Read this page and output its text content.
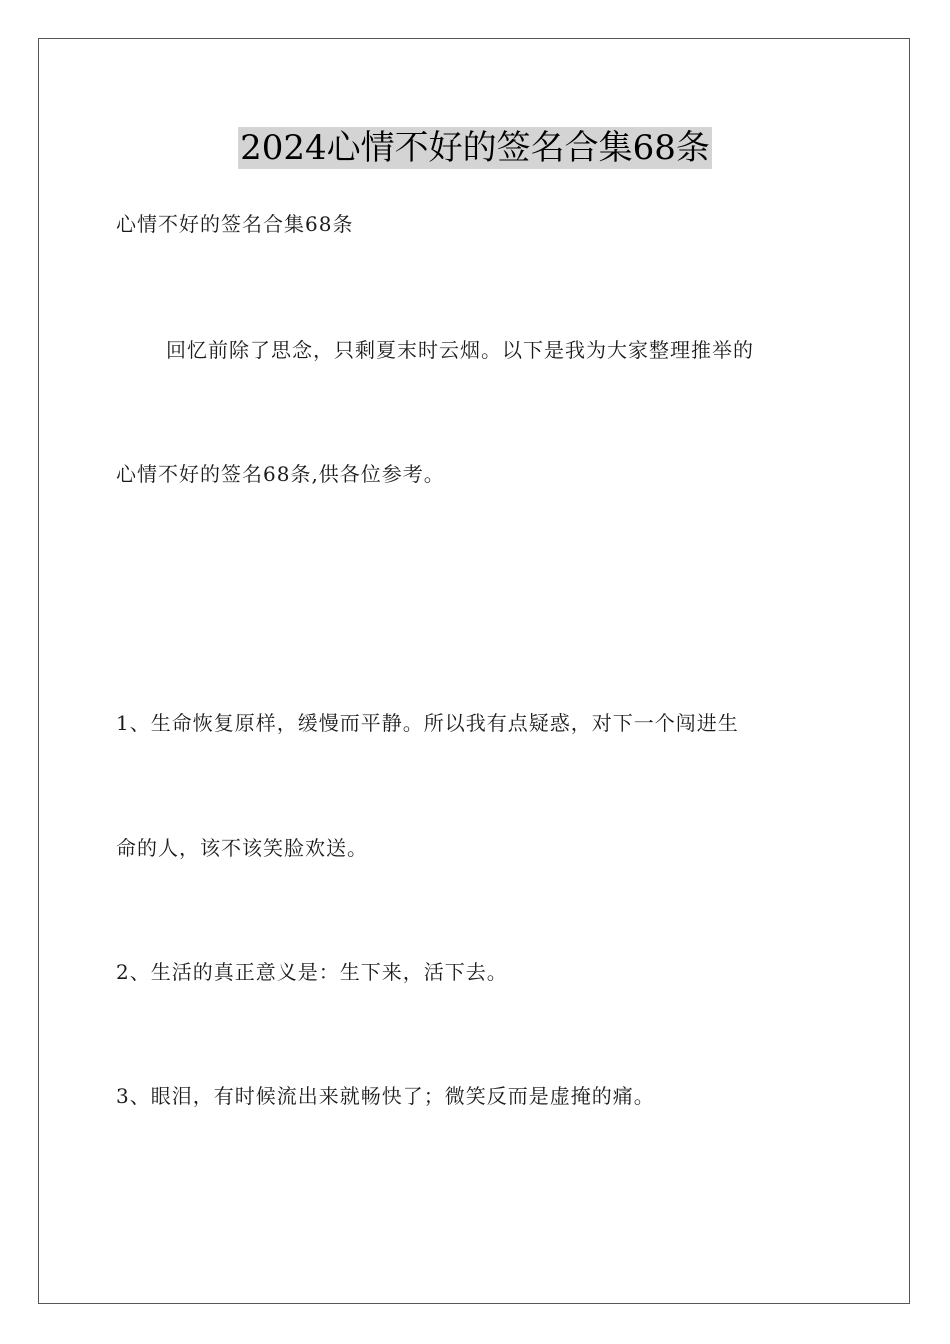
2024心情不好的签名合集68条
心情不好的签名合集68条
回忆前除了思念，只剩夏末时云烟。以下是我为大家整理推举的
心情不好的签名68条,供各位参考。
1、生命恢复原样，缓慢而平静。所以我有点疑惑，对下一个闯进生
命的人，该不该笑脸欢送。
2、生活的真正意义是：生下来，活下去。
3、眼泪，有时候流出来就畅快了；微笑反而是虚掩的痛。
